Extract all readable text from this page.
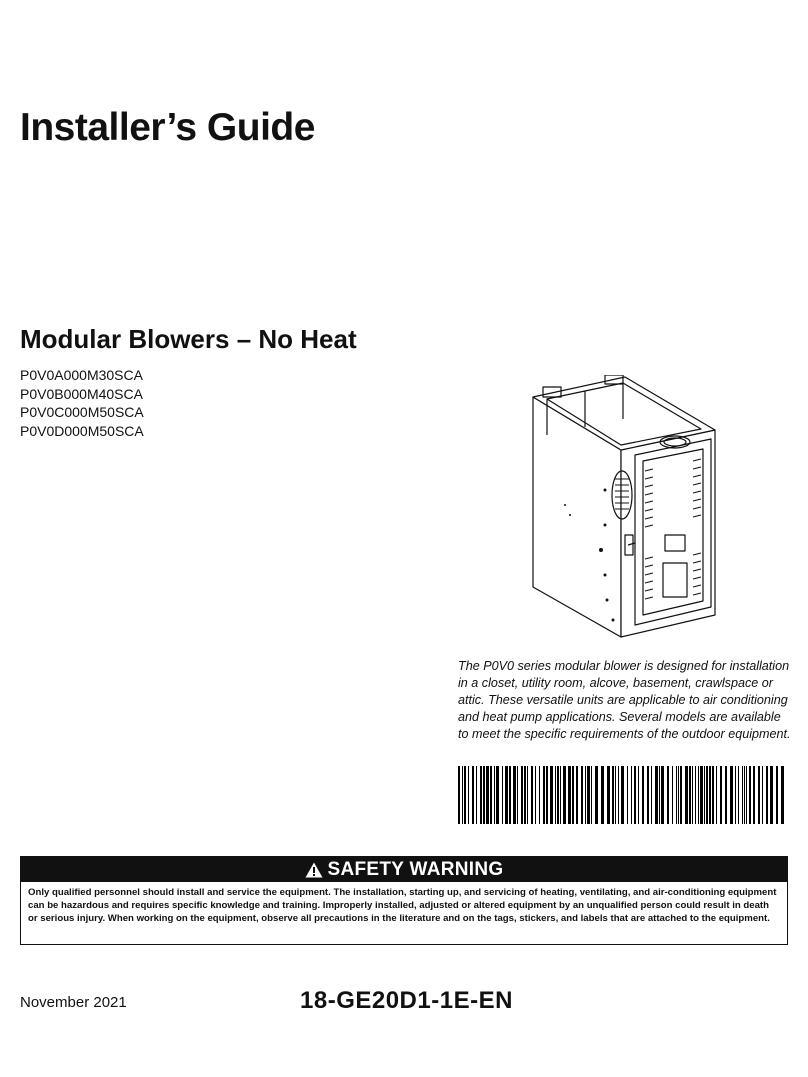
Installer’s Guide
Modular Blowers – No Heat
P0V0A000M30SCA
P0V0B000M40SCA
P0V0C000M50SCA
P0V0D000M50SCA

The P0V0 series modular blower is designed for installation in a closet, utility room, alcove, basement, crawlspace or attic. These versatile units are applicable to air conditioning and heat pump applications. Several models are available to meet the specific requirements of the outdoor equipment.

SAFETY WARNING

Only qualified personnel should install and service the equipment. The installation, starting up, and servicing of heating, ventilating, and air-conditioning equipment can be hazardous and requires specific knowledge and training. Improperly installed, adjusted or altered equipment by an unqualified person could result in death or serious injury. When working on the equipment, observe all precautions in the literature and on the tags, stickers, and labels that are attached to the equipment.

November 2021	18-GE20D1-1E-EN
